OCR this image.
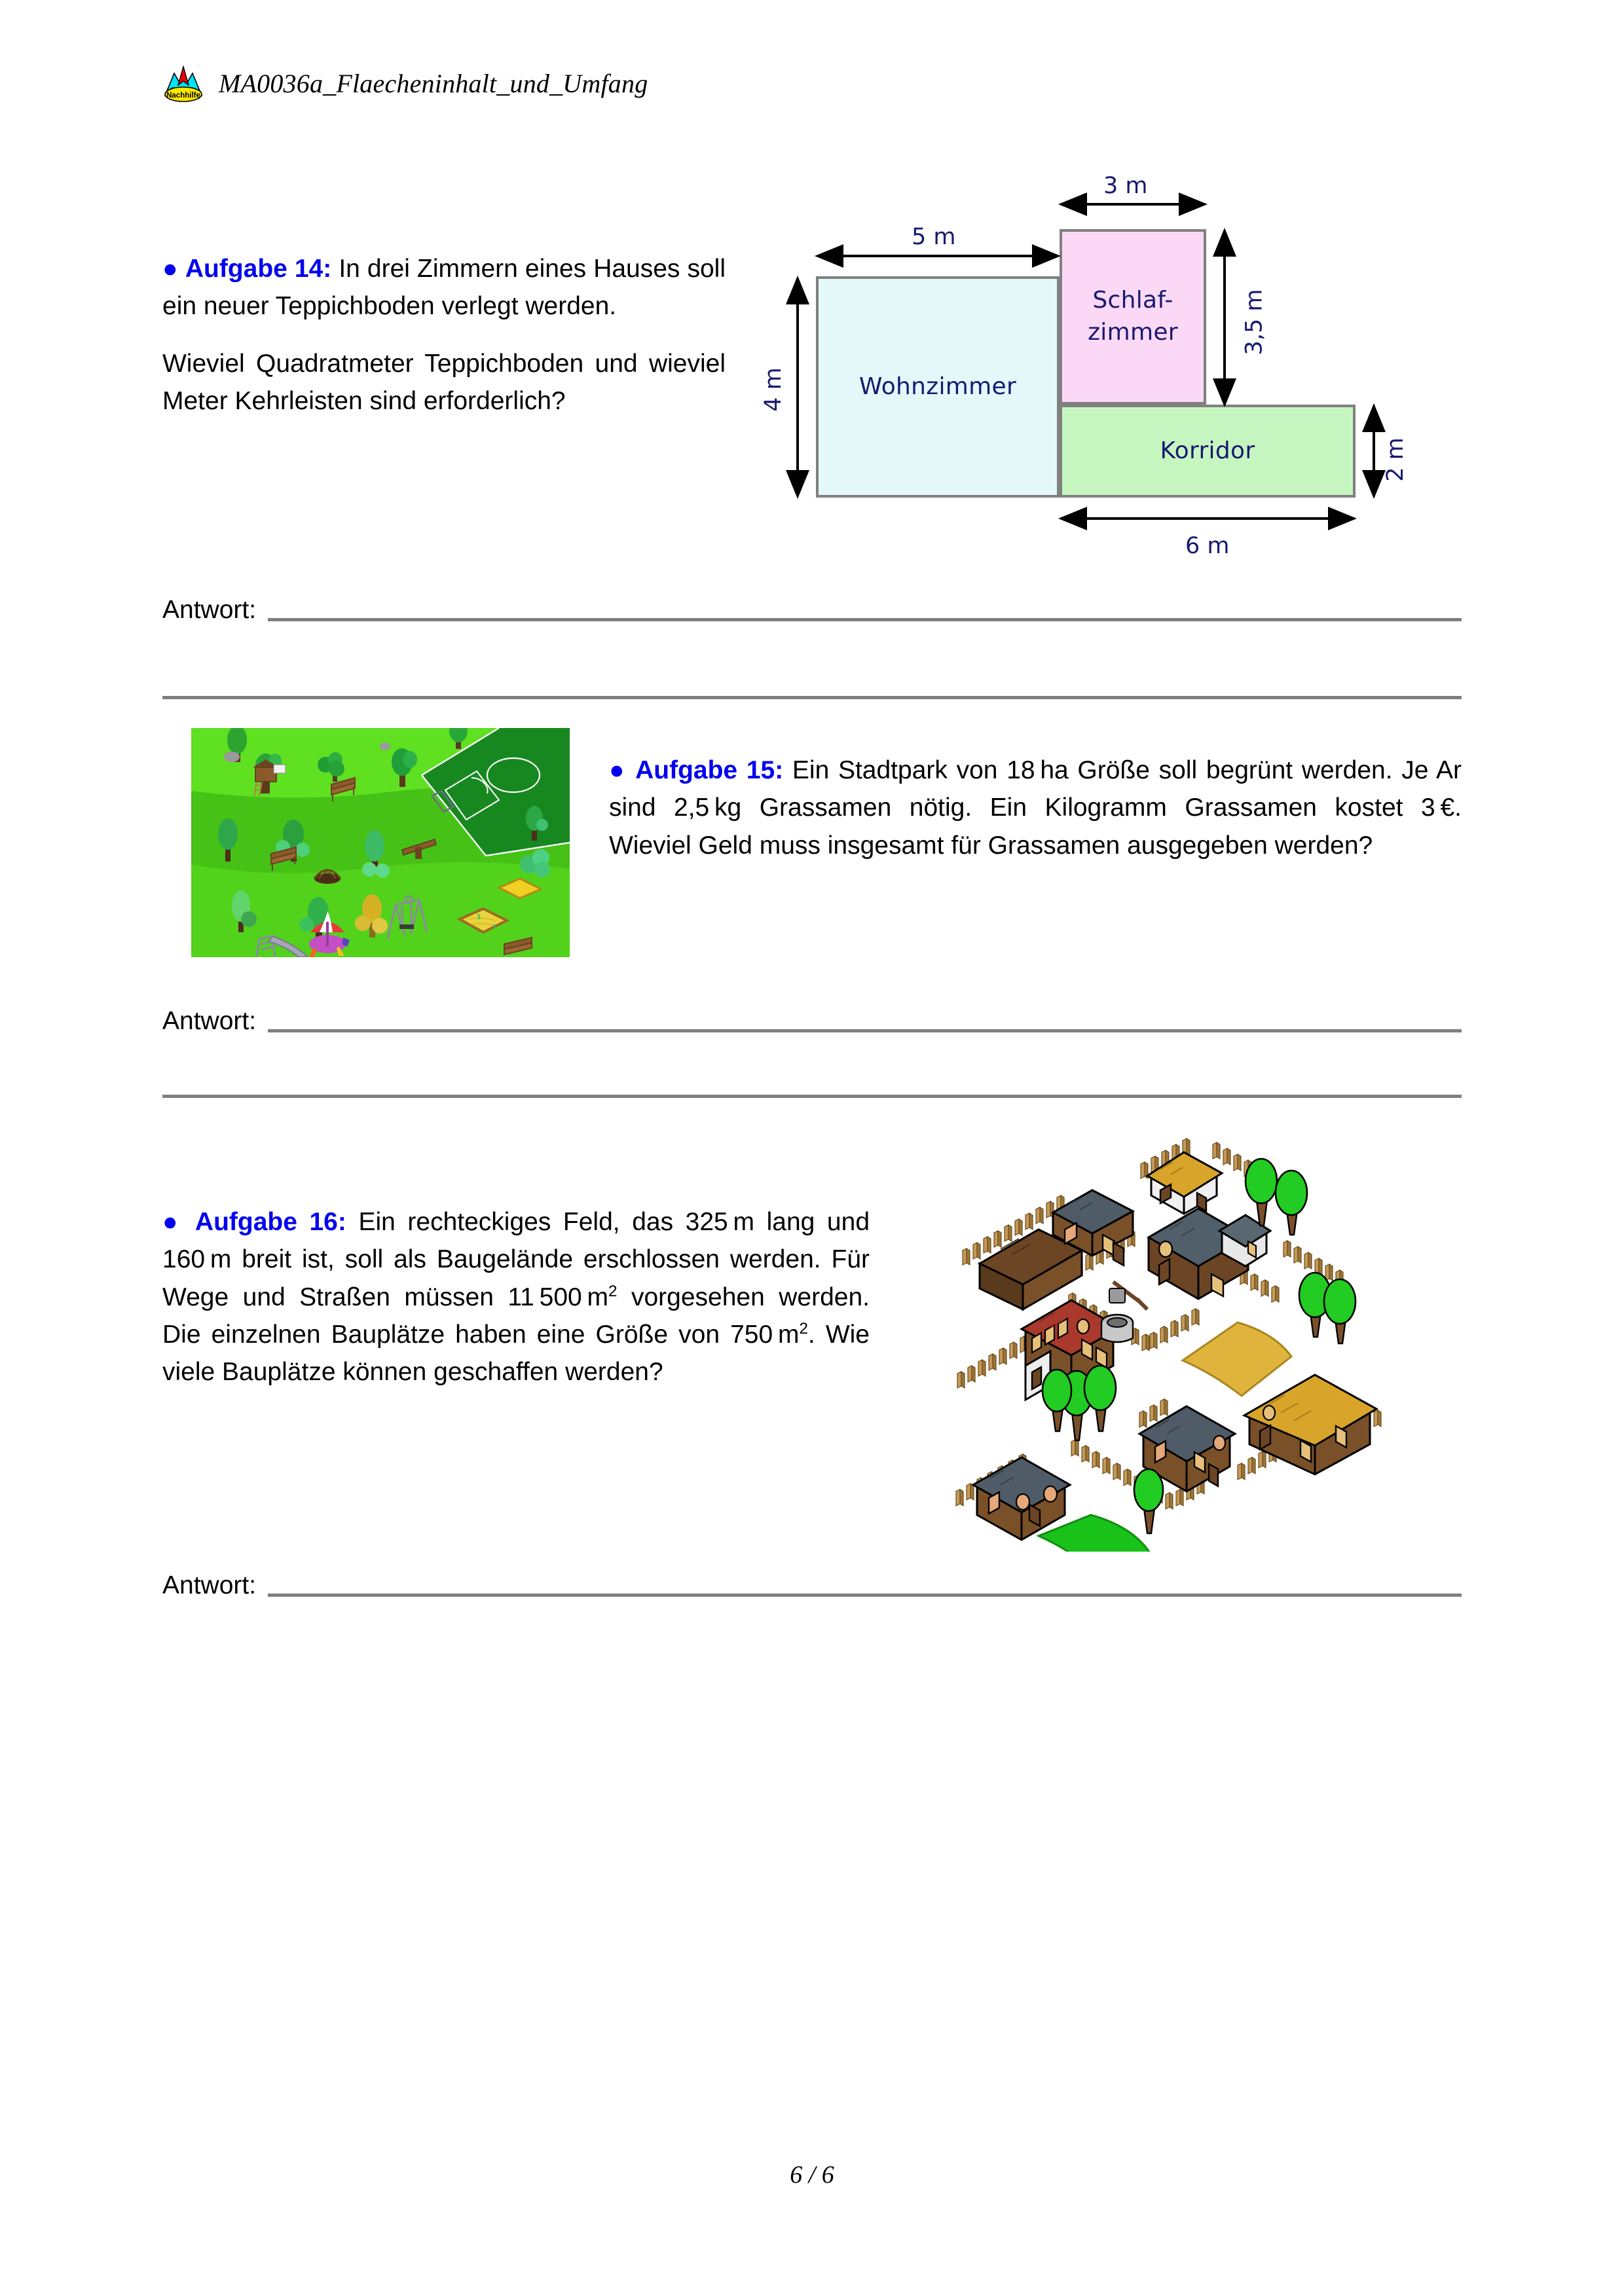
Nachhilfe MA0036a_Flaecheninhalt_und_Umfang
● Aufgabe 14: In drei Zimmern eines Hauses soll ein neuer Teppichboden verlegt werden.
Wieviel Quadratmeter Teppichboden und wieviel Meter Kehrleisten sind erforderlich?
Wohnzimmer
Schlaf-
zimmer
Korridor
3 m
5 m
4 m
3,5 m
2 m
6 m
Antwort:
● Aufgabe 15: Ein Stadtpark von 18 ha Größe soll begrünt werden. Je Ar sind 2,5 kg Grassamen nötig. Ein Kilogramm Grassamen kostet 3 €. Wieviel Geld muss insgesamt für Grassamen ausgegeben werden?
Antwort:
● Aufgabe 16: Ein rechteckiges Feld, das 325 m lang und 160 m breit ist, soll als Baugelände erschlossen werden. Für Wege und Straßen müssen 11 500 $m^2$ vorgesehen werden. Die einzelnen Bauplätze haben eine Größe von 750 $m^2$. Wie viele Bauplätze können geschaffen werden?
Antwort:
6 / 6
